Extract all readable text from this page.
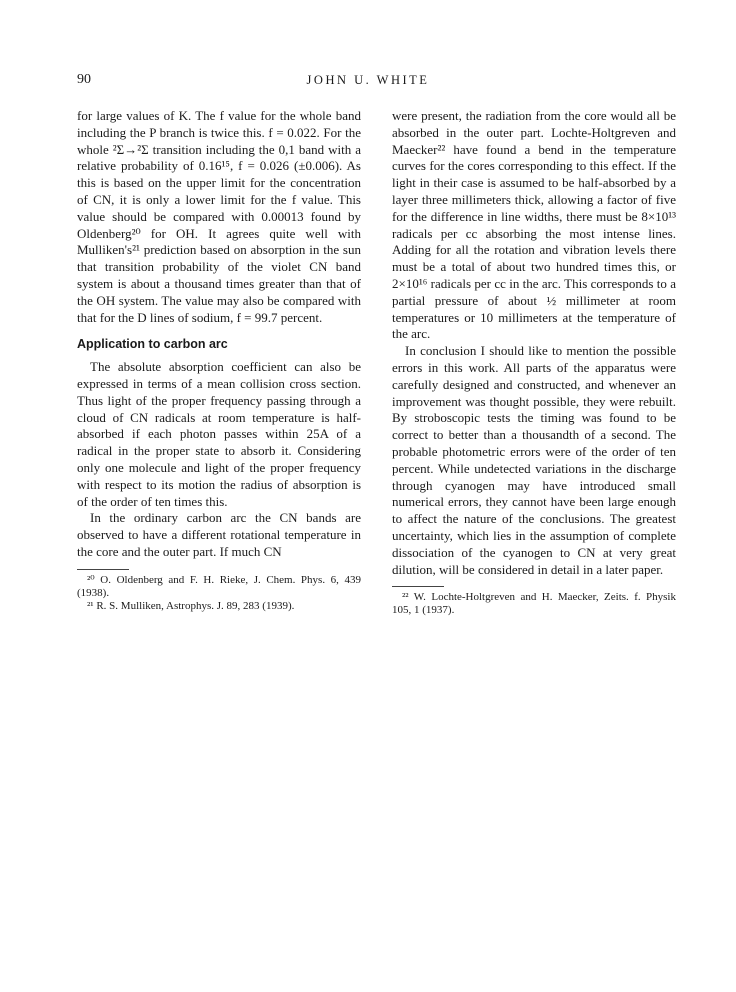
90	JOHN U. WHITE

for large values of K. The f value for the whole band including the P branch is twice this. f = 0.022. For the whole ²Σ→²Σ transition including the 0,1 band with a relative probability of 0.16¹⁵, f = 0.026 (±0.006). As this is based on the upper limit for the concentration of CN, it is only a lower limit for the f value. This value should be compared with 0.00013 found by Oldenberg²⁰ for OH. It agrees quite well with Mulliken's²¹ prediction based on absorption in the sun that transition probability of the violet CN band system is about a thousand times greater than that of the OH system. The value may also be compared with that for the D lines of sodium, f = 99.7 percent.

Application to carbon arc

The absolute absorption coefficient can also be expressed in terms of a mean collision cross section. Thus light of the proper frequency passing through a cloud of CN radicals at room temperature is half-absorbed if each photon passes within 25A of a radical in the proper state to absorb it. Considering only one molecule and light of the proper frequency with respect to its motion the radius of absorption is of the order of ten times this.

In the ordinary carbon arc the CN bands are observed to have a different rotational temperature in the core and the outer part. If much CN

²⁰ O. Oldenberg and F. H. Rieke, J. Chem. Phys. 6, 439 (1938).

²¹ R. S. Mulliken, Astrophys. J. 89, 283 (1939).

were present, the radiation from the core would all be absorbed in the outer part. Lochte-Holtgreven and Maecker²² have found a bend in the temperature curves for the cores corresponding to this effect. If the light in their case is assumed to be half-absorbed by a layer three millimeters thick, allowing a factor of five for the difference in line widths, there must be 8×10¹³ radicals per cc absorbing the most intense lines. Adding for all the rotation and vibration levels there must be a total of about two hundred times this, or 2×10¹⁶ radicals per cc in the arc. This corresponds to a partial pressure of about ½ millimeter at room temperatures or 10 millimeters at the temperature of the arc.

In conclusion I should like to mention the possible errors in this work. All parts of the apparatus were carefully designed and constructed, and whenever an improvement was thought possible, they were rebuilt. By stroboscopic tests the timing was found to be correct to better than a thousandth of a second. The probable photometric errors were of the order of ten percent. While undetected variations in the discharge through cyanogen may have introduced small numerical errors, they cannot have been large enough to affect the nature of the conclusions. The greatest uncertainty, which lies in the assumption of complete dissociation of the cyanogen to CN at very great dilution, will be considered in detail in a later paper.

²² W. Lochte-Holtgreven and H. Maecker, Zeits. f. Physik 105, 1 (1937).
